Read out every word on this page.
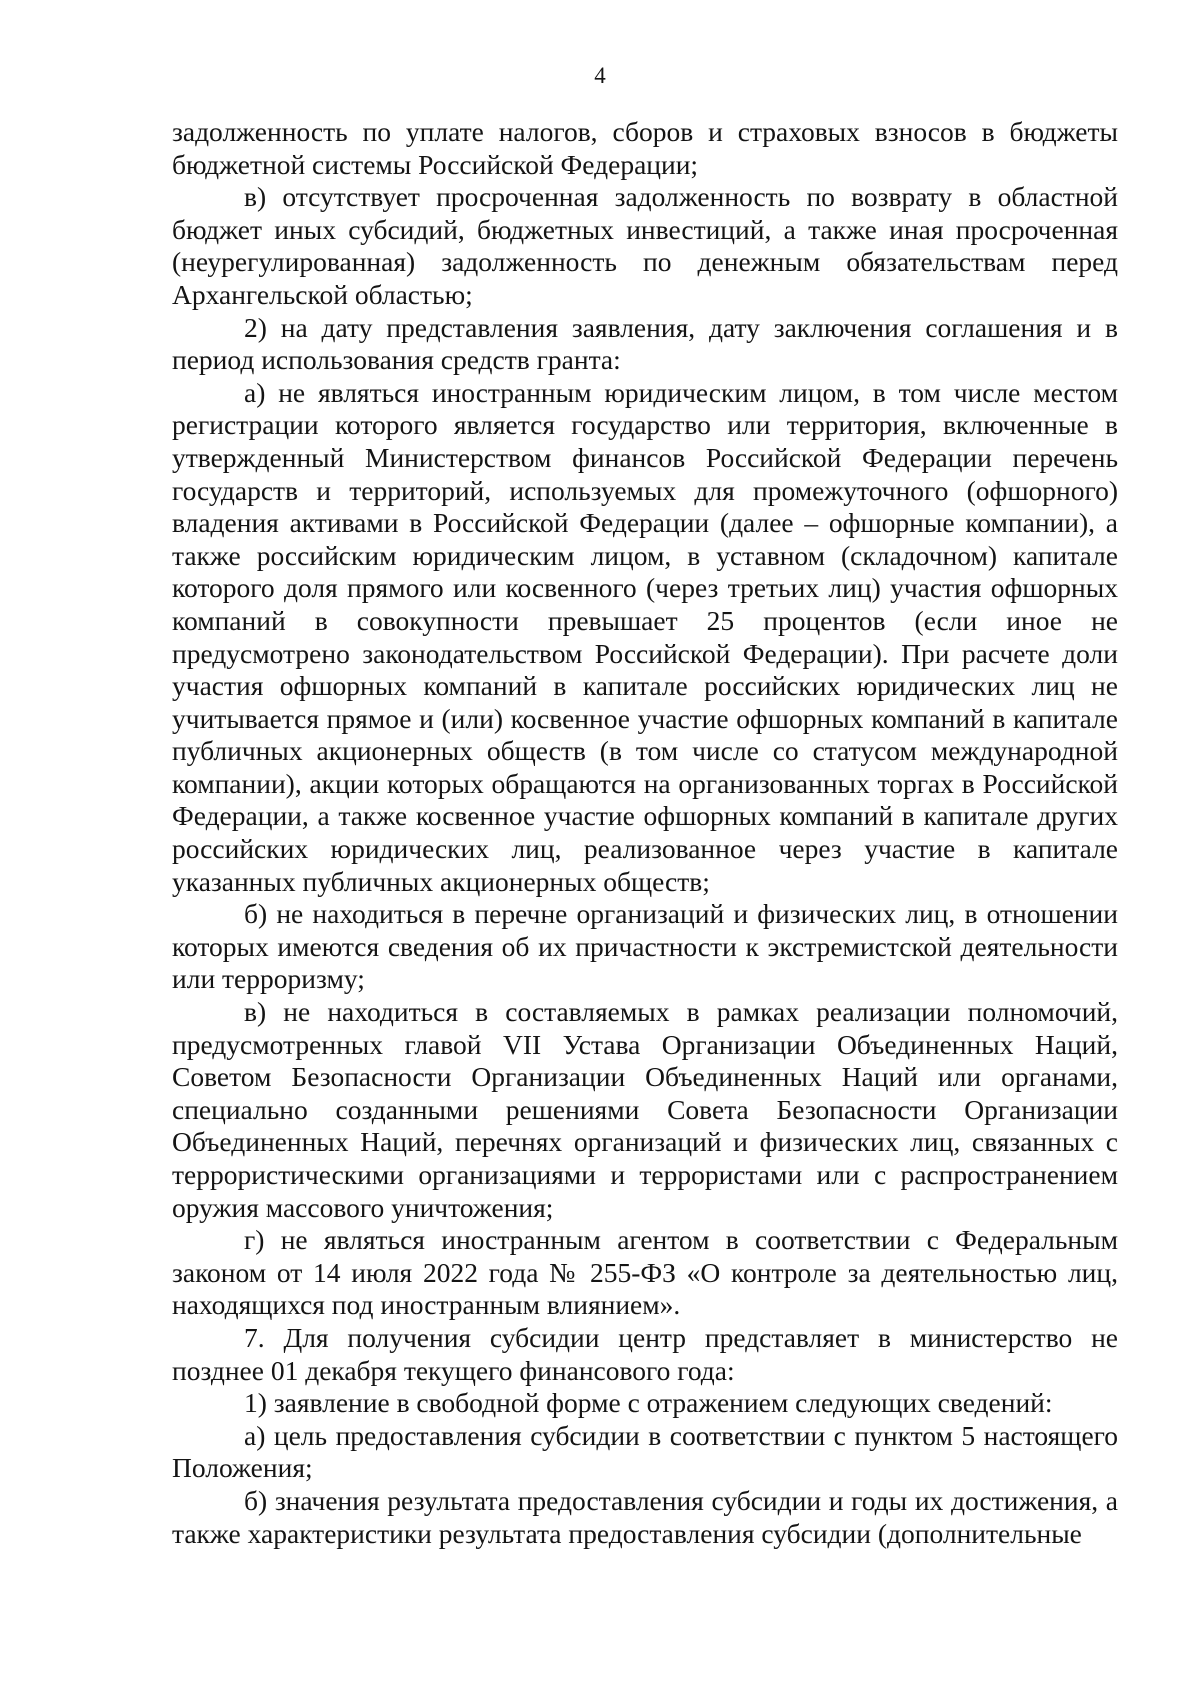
4

задолженность по уплате налогов, сборов и страховых взносов в бюджеты бюджетной системы Российской Федерации;

в) отсутствует просроченная задолженность по возврату в областной бюджет иных субсидий, бюджетных инвестиций, а также иная просроченная (неурегулированная) задолженность по денежным обязательствам перед Архангельской областью;

2) на дату представления заявления, дату заключения соглашения и в период использования средств гранта:

а) не являться иностранным юридическим лицом, в том числе местом регистрации которого является государство или территория, включенные в утвержденный Министерством финансов Российской Федерации перечень государств и территорий, используемых для промежуточного (офшорного) владения активами в Российской Федерации (далее – офшорные компании), а также российским юридическим лицом, в уставном (складочном) капитале которого доля прямого или косвенного (через третьих лиц) участия офшорных компаний в совокупности превышает 25 процентов (если иное не предусмотрено законодательством Российской Федерации). При расчете доли участия офшорных компаний в капитале российских юридических лиц не учитывается прямое и (или) косвенное участие офшорных компаний в капитале публичных акционерных обществ (в том числе со статусом международной компании), акции которых обращаются на организованных торгах в Российской Федерации, а также косвенное участие офшорных компаний в капитале других российских юридических лиц, реализованное через участие в капитале указанных публичных акционерных обществ;

б) не находиться в перечне организаций и физических лиц, в отношении которых имеются сведения об их причастности к экстремистской деятельности или терроризму;

в) не находиться в составляемых в рамках реализации полномочий, предусмотренных главой VII Устава Организации Объединенных Наций, Советом Безопасности Организации Объединенных Наций или органами, специально созданными решениями Совета Безопасности Организации Объединенных Наций, перечнях организаций и физических лиц, связанных с террористическими организациями и террористами или с распространением оружия массового уничтожения;

г) не являться иностранным агентом в соответствии с Федеральным законом от 14 июля 2022 года № 255-ФЗ «О контроле за деятельностью лиц, находящихся под иностранным влиянием».

7. Для получения субсидии центр представляет в министерство не позднее 01 декабря текущего финансового года:

1) заявление в свободной форме с отражением следующих сведений:

а) цель предоставления субсидии в соответствии с пунктом 5 настоящего Положения;

б) значения результата предоставления субсидии и годы их достижения, а также характеристики результата предоставления субсидии (дополнительные
